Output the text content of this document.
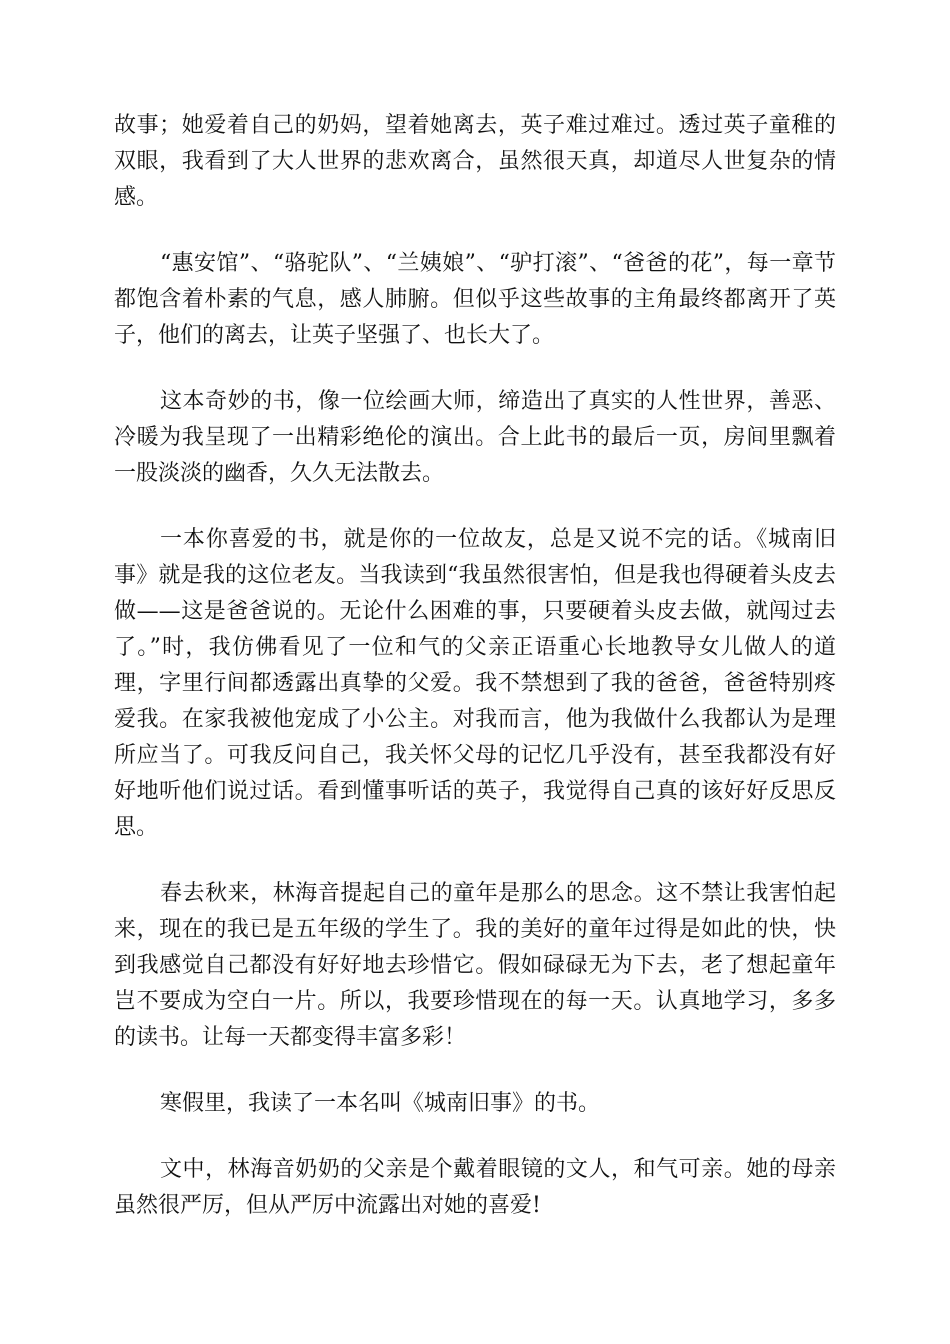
故事；她爱着自己的奶妈，望着她离去，英子难过难过。透过英子童稚的双眼，我看到了大人世界的悲欢离合，虽然很天真，却道尽人世复杂的情感。

“惠安馆”、“骆驼队”、“兰姨娘”、“驴打滚”、“爸爸的花”，每一章节都饱含着朴素的气息，感人肺腑。但似乎这些故事的主角最终都离开了英子，他们的离去，让英子坚强了、也长大了。

这本奇妙的书，像一位绘画大师，缔造出了真实的人性世界，善恶、冷暖为我呈现了一出精彩绝伦的演出。合上此书的最后一页，房间里飘着一股淡淡的幽香，久久无法散去。

一本你喜爱的书，就是你的一位故友，总是又说不完的话。《城南旧事》就是我的这位老友。当我读到“我虽然很害怕，但是我也得硬着头皮去做——这是爸爸说的。无论什么困难的事，只要硬着头皮去做，就闯过去了。”时，我仿佛看见了一位和气的父亲正语重心长地教导女儿做人的道理，字里行间都透露出真挚的父爱。我不禁想到了我的爸爸，爸爸特别疼爱我。在家我被他宠成了小公主。对我而言，他为我做什么我都认为是理所应当了。可我反问自己，我关怀父母的记忆几乎没有，甚至我都没有好好地听他们说过话。看到懂事听话的英子，我觉得自己真的该好好反思反思。

春去秋来，林海音提起自己的童年是那么的思念。这不禁让我害怕起来，现在的我已是五年级的学生了。我的美好的童年过得是如此的快，快到我感觉自己都没有好好地去珍惜它。假如碌碌无为下去，老了想起童年岂不要成为空白一片。所以，我要珍惜现在的每一天。认真地学习，多多的读书。让每一天都变得丰富多彩！

寒假里，我读了一本名叫《城南旧事》的书。

文中，林海音奶奶的父亲是个戴着眼镜的文人，和气可亲。她的母亲虽然很严厉，但从严厉中流露出对她的喜爱!
